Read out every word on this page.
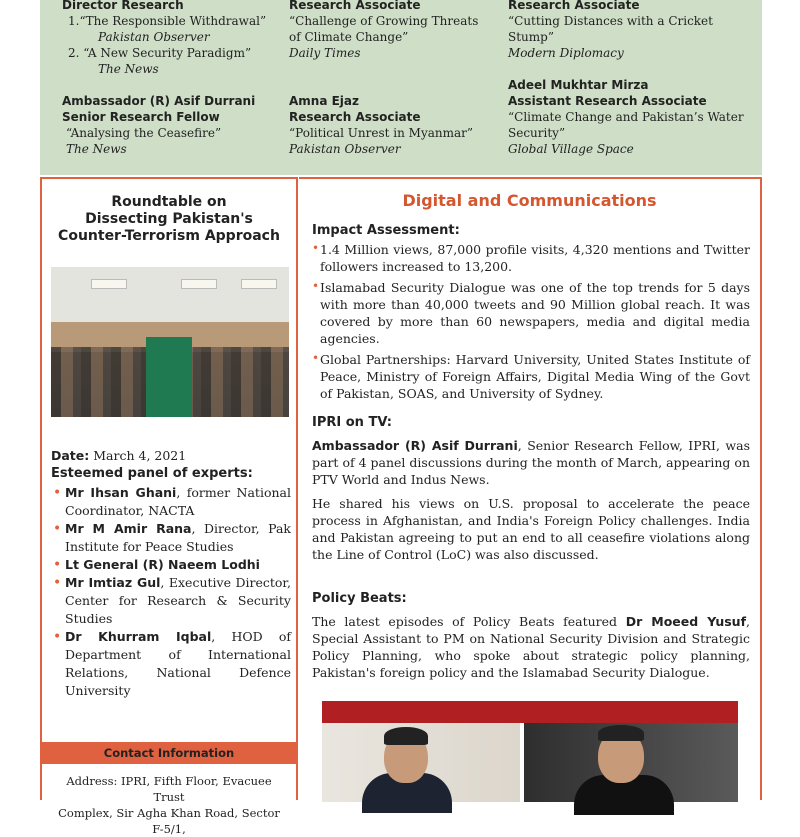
Director Research
1.“The Responsible Withdrawal”
Pakistan Observer
2. “A New Security Paradigm”
The News
Ambassador (R) Asif Durrani
Senior Research Fellow
“Analysing the Ceasefire”
The News
Research Associate
“Challenge of Growing Threats
of Climate Change”
Daily Times
Amna Ejaz
Research Associate
“Political Unrest in Myanmar”
Pakistan Observer
Research Associate
“Cutting Distances with a Cricket
Stump”
Modern Diplomacy
Adeel Mukhtar Mirza
Assistant Research Associate
“Climate Change and Pakistan’s Water
Security”
Global Village Space
Roundtable on
Dissecting Pakistan's
Counter-Terrorism Approach
Date: March 4, 2021
Esteemed panel of experts:
• Mr Ihsan Ghani, former National Coordinator, NACTA
• Mr M Amir Rana, Director, Pak Institute for Peace Studies
• Lt General (R) Naeem Lodhi
• Mr Imtiaz Gul, Executive Director, Center for Research & Security Studies
• Dr Khurram Iqbal, HOD of Department of International Relations, National Defence University
Contact Information
Address: IPRI, Fifth Floor, Evacuee Trust
Complex, Sir Agha Khan Road, Sector F-5/1,
Digital and Communications
Impact Assessment:
• 1.4 Million views, 87,000 profile visits, 4,320 mentions and Twitter followers increased to 13,200.
• Islamabad Security Dialogue was one of the top trends for 5 days with more than 40,000 tweets and 90 Million global reach. It was covered by more than 60 newspapers, media and digital media agencies.
• Global Partnerships: Harvard University, United States Institute of Peace, Ministry of Foreign Affairs, Digital Media Wing of the Govt of Pakistan, SOAS, and University of Sydney.
IPRI on TV:
Ambassador (R) Asif Durrani, Senior Research Fellow, IPRI, was part of 4 panel discussions during the month of March, appearing on PTV World and Indus News.
He shared his views on U.S. proposal to accelerate the peace process in Afghanistan, and India's Foreign Policy challenges. India and Pakistan agreeing to put an end to all ceasefire violations along the Line of Control (LoC) was also discussed.
Policy Beats:
The latest episodes of Policy Beats featured Dr Moeed Yusuf, Special Assistant to PM on National Security Division and Strategic Policy Planning, who spoke about strategic policy planning, Pakistan's foreign policy and the Islamabad Security Dialogue.
